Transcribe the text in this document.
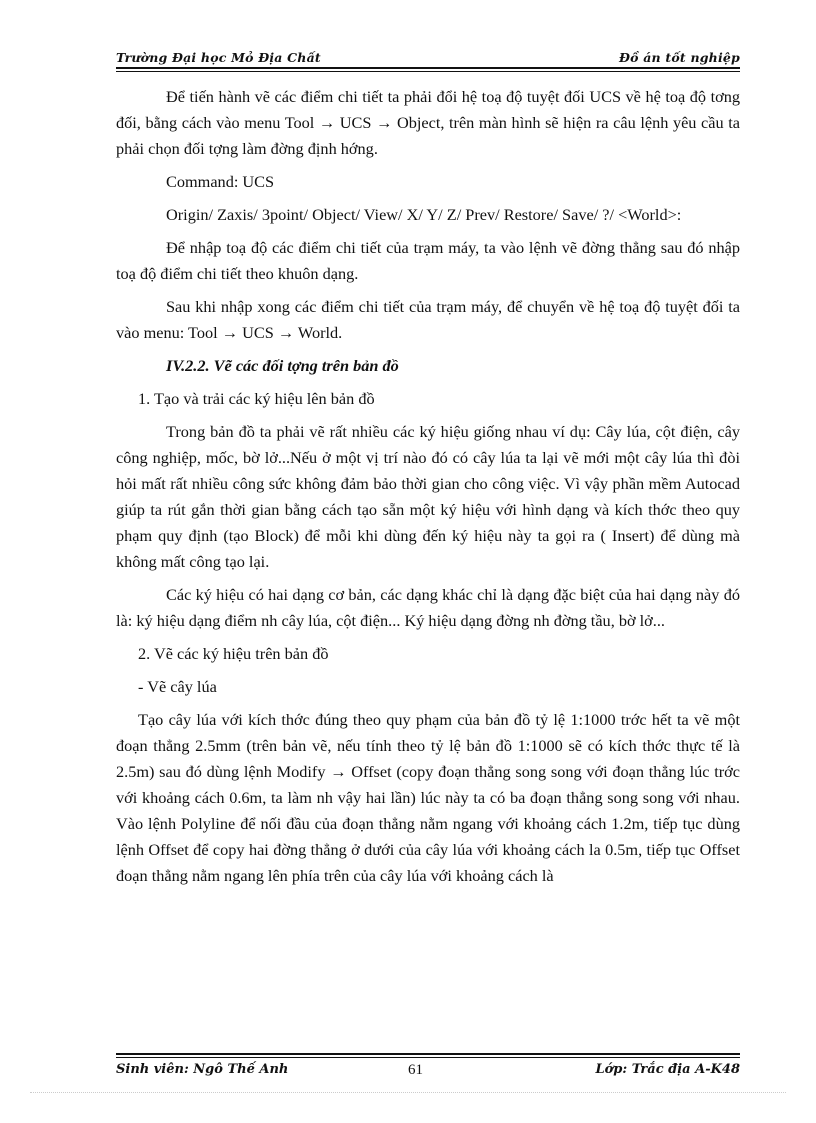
Trường Đại học Mỏ Địa Chất	Đồ án tốt nghiệp

Để tiến hành vẽ các điểm chi tiết ta phải đổi hệ toạ độ tuyệt đối UCS về hệ toạ độ tơng đối, bằng cách vào menu Tool → UCS → Object, trên màn hình sẽ hiện ra câu lệnh yêu cầu ta phải chọn đối tợng làm đờng định hớng.

Command: UCS

Origin/ Zaxis/ 3point/ Object/ View/ X/ Y/ Z/ Prev/ Restore/ Save/ ?/ <World>:

Để nhập toạ độ các điểm chi tiết của trạm máy, ta vào lệnh vẽ đờng thẳng sau đó nhập toạ độ điểm chi tiết theo khuôn dạng.

Sau khi nhập xong các điểm chi tiết của trạm máy, để chuyển về hệ toạ độ tuyệt đối ta vào menu: Tool → UCS → World.

IV.2.2. Vẽ các đối tợng trên bản đồ

1. Tạo và trải các ký hiệu lên bản đồ

Trong bản đồ ta phải vẽ rất nhiều các ký hiệu giống nhau ví dụ: Cây lúa, cột điện, cây công nghiệp, mốc, bờ lở...Nếu ở một vị trí nào đó có cây lúa ta lại vẽ mới một cây lúa thì đòi hỏi mất rất nhiều công sức không đảm bảo thời gian cho công việc. Vì vậy phần mềm Autocad giúp ta rút gắn thời gian bằng cách tạo sẵn một ký hiệu với hình dạng và kích thớc theo quy phạm quy định (tạo Block) để mỗi khi dùng đến ký hiệu này ta gọi ra ( Insert) để dùng mà không mất công tạo lại.

Các ký hiệu có hai dạng cơ bản, các dạng khác chỉ là dạng đặc biệt của hai dạng này đó là: ký hiệu dạng điểm nh cây lúa, cột điện... Ký hiệu dạng đờng nh đờng tầu, bờ lở...

2. Vẽ các ký hiệu trên bản đồ

- Vẽ cây lúa

Tạo cây lúa với kích thớc đúng theo quy phạm của bản đồ tỷ lệ 1:1000 trớc hết ta vẽ một đoạn thẳng 2.5mm (trên bản vẽ, nếu tính theo tỷ lệ bản đồ 1:1000 sẽ có kích thớc thực tế là 2.5m) sau đó dùng lệnh Modify → Offset (copy đoạn thẳng song song với đoạn thẳng lúc trớc với khoảng cách 0.6m, ta làm nh vậy hai lần) lúc này ta có ba đoạn thẳng song song với nhau. Vào lệnh Polyline để nối đầu của đoạn thẳng nằm ngang với khoảng cách 1.2m, tiếp tục dùng lệnh Offset để copy hai đờng thẳng ở dưới của cây lúa với khoảng cách la 0.5m, tiếp tục Offset đoạn thẳng nằm ngang lên phía trên của cây lúa với khoảng cách là

Sinh viên: Ngô Thế Anh	61	Lớp: Trắc địa A-K48
